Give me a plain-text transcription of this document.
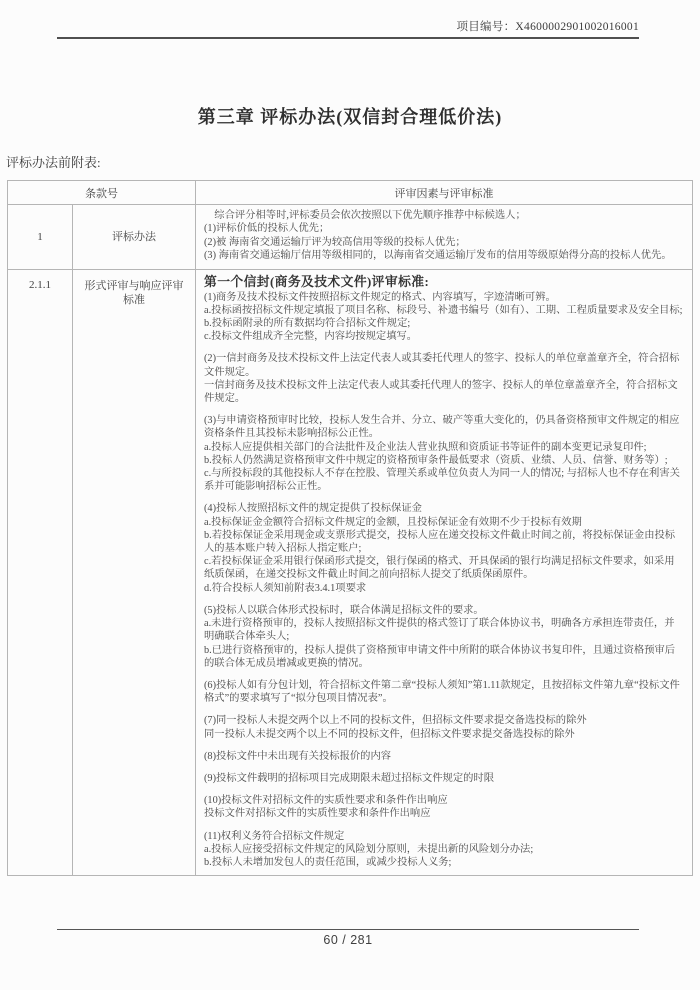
项目编号：X4600002901002016001
第三章 评标办法(双信封合理低价法)
评标办法前附表:
条款号		评审因素与评审标准
1	评标办法	　综合评分相等时,评标委员会依次按照以下优先顺序推荐中标候选人；
(1)评标价低的投标人优先；
(2)被 海南省交通运输厅评为较高信用等级的投标人优先；
(3) 海南省交通运输厅信用等级相同的，以海南省交通运输厅发布的信用等级原始得分高的投标人优先。

2.1.1	形式评审与响应评审标准	
第一个信封(商务及技术文件)评审标准:
(1)商务及技术投标文件按照招标文件规定的格式、内容填写，字迹清晰可辨。
a.投标函按招标文件规定填报了项目名称、标段号、补遗书编号（如有）、工期、工程质量要求及安全目标;
b.投标函附录的所有数据均符合招标文件规定;
c.投标文件组成齐全完整，内容均按规定填写。

(2)一信封商务及技术投标文件上法定代表人或其委托代理人的签字、投标人的单位章盖章齐全，符合招标文件规定。
一信封商务及技术投标文件上法定代表人或其委托代理人的签字、投标人的单位章盖章齐全，符合招标文件规定。

(3)与申请资格预审时比较，投标人发生合并、分立、破产等重大变化的，仍具备资格预审文件规定的相应资格条件且其投标未影响招标公正性。
a.投标人应提供相关部门的合法批件及企业法人营业执照和资质证书等证件的副本变更记录复印件;
b.投标人仍然满足资格预审文件中规定的资格预审条件最低要求（资质、业绩、人员、信誉、财务等）;
c.与所投标段的其他投标人不存在控股、管理关系或单位负责人为同一人的情况; 与招标人也不存在利害关系并可能影响招标公正性。

(4)投标人按照招标文件的规定提供了投标保证金
a.投标保证金金额符合招标文件规定的金额，且投标保证金有效期不少于投标有效期
b.若投标保证金采用现金或支票形式提交，投标人应在递交投标文件截止时间之前，将投标保证金由投标人的基本账户转入招标人指定账户;
c.若投标保证金采用银行保函形式提交，银行保函的格式、开具保函的银行均满足招标文件要求，如采用纸质保函，在递交投标文件截止时间之前向招标人提交了纸质保函原件。
d.符合投标人须知前附表3.4.1项要求

(5)投标人以联合体形式投标时，联合体满足招标文件的要求。
a.未进行资格预审的，投标人按照招标文件提供的格式签订了联合体协议书，明确各方承担连带责任，并明确联合体牵头人;
b.已进行资格预审的，投标人提供了资格预审申请文件中所附的联合体协议书复印件，且通过资格预审后的联合体无成员增减或更换的情况。

(6)投标人如有分包计划，符合招标文件第二章“投标人须知”第1.11款规定，且按招标文件第九章“投标文件格式”的要求填写了“拟分包项目情况表”。

(7)同一投标人未提交两个以上不同的投标文件，但招标文件要求提交备选投标的除外
同一投标人未提交两个以上不同的投标文件，但招标文件要求提交备选投标的除外

(8)投标文件中未出现有关投标报价的内容

(9)投标文件载明的招标项目完成期限未超过招标文件规定的时限

(10)投标文件对招标文件的实质性要求和条件作出响应
投标文件对招标文件的实质性要求和条件作出响应

(11)权利义务符合招标文件规定
a.投标人应接受招标文件规定的风险划分原则，未提出新的风险划分办法;
b.投标人未增加发包人的责任范围，或减少投标人义务;
60 / 281
